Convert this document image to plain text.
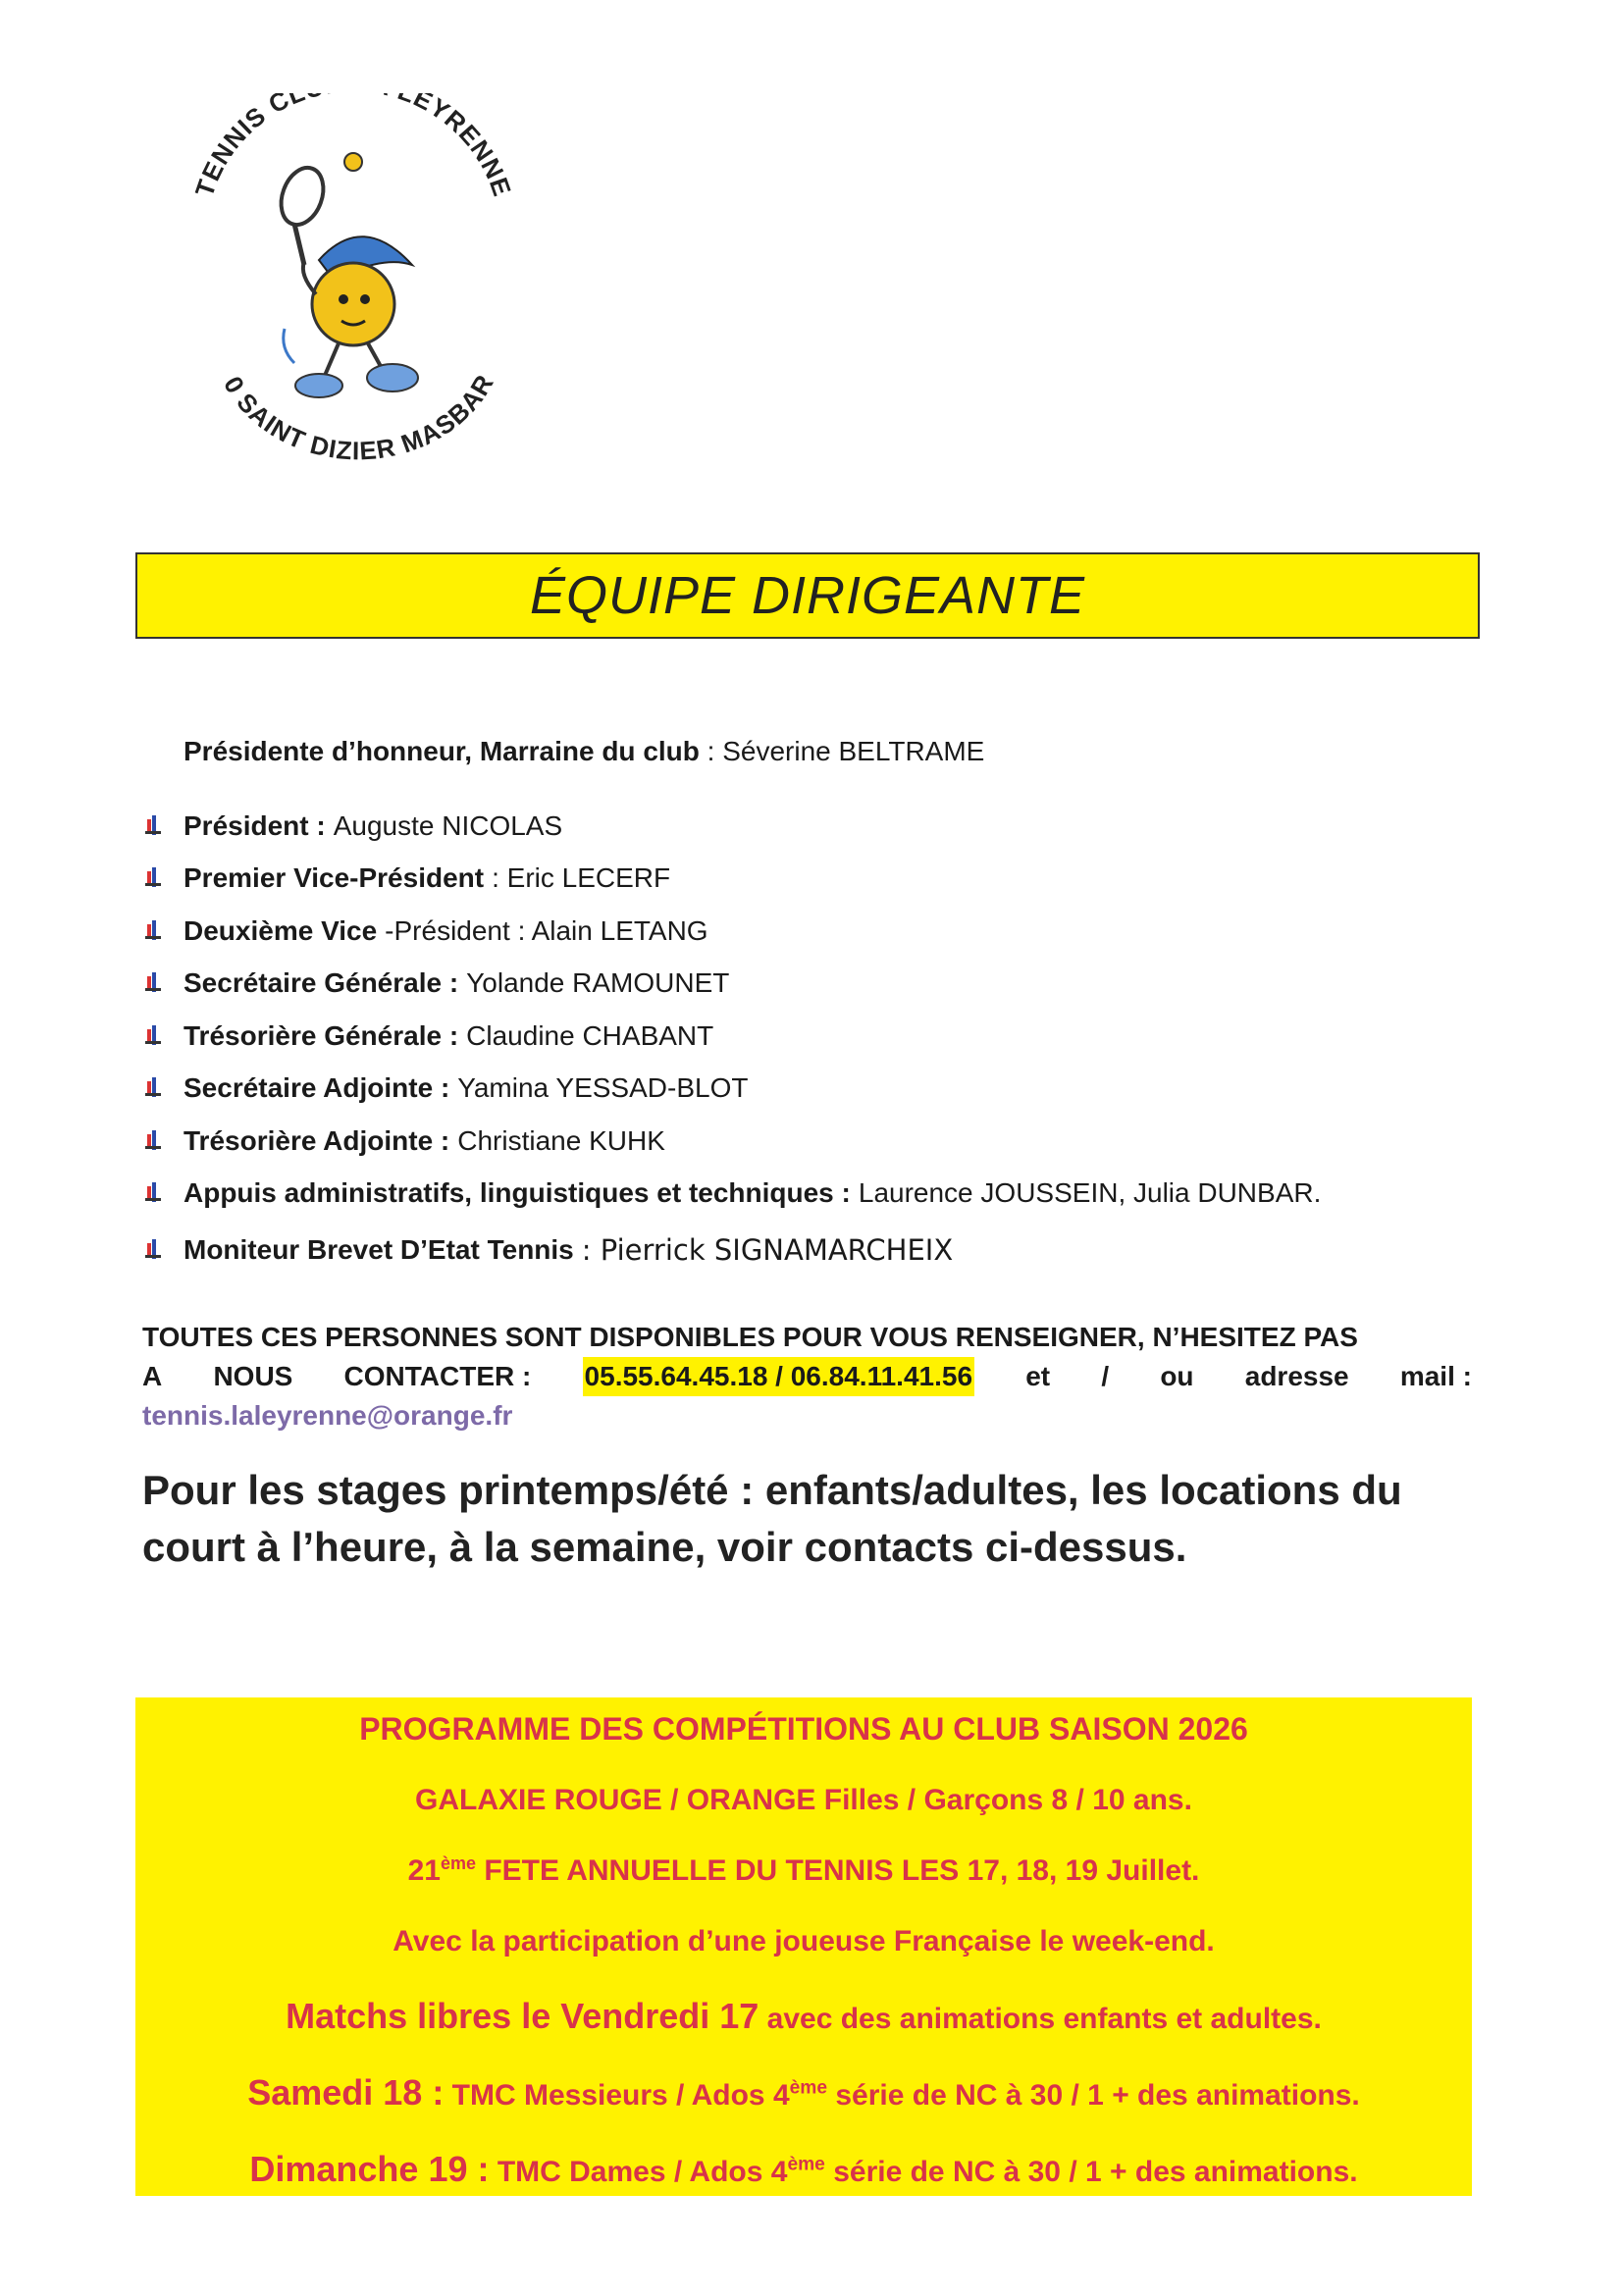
TENNIS CL EYRENNE
0 SAINT DIZIER MASBAR
ÉQUIPE DIRIGEANTE
Présidente d’honneur, Marraine du club : Séverine BELTRAME
Président : Auguste NICOLAS
Premier Vice-Président : Eric LECERF
Deuxième Vice -Président : Alain LETANG
Secrétaire Générale : Yolande RAMOUNET
Trésorière Générale : Claudine CHABANT
Secrétaire Adjointe : Yamina YESSAD-BLOT
Trésorière Adjointe : Christiane KUHK
Appuis administratifs, linguistiques et techniques : Laurence JOUSSEIN, Julia DUNBAR.
Moniteur Brevet D’Etat Tennis : Pierrick SIGNAMARCHEIX
TOUTES CES PERSONNES SONT DISPONIBLES POUR VOUS RENSEIGNER, N’HESITEZ PAS
A NOUS CONTACTER : 05.55.64.45.18 / 06.84.11.41.56 et / ou adresse mail :
tennis.laleyrenne@orange.fr
Pour les stages printemps/été : enfants/adultes, les locations du court à l’heure, à la semaine, voir contacts ci-dessus.
PROGRAMME DES COMPÉTITIONS AU CLUB SAISON 2026
GALAXIE ROUGE / ORANGE Filles / Garçons 8 / 10 ans.
21ème FETE ANNUELLE DU TENNIS LES 17, 18, 19 Juillet.
Avec la participation d’une joueuse Française le week-end.
Matchs libres le Vendredi 17 avec des animations enfants et adultes.
Samedi 18 : TMC Messieurs / Ados 4ème série de NC à 30 / 1 + des animations.
Dimanche 19 : TMC Dames / Ados 4ème série de NC à 30 / 1 + des animations.
